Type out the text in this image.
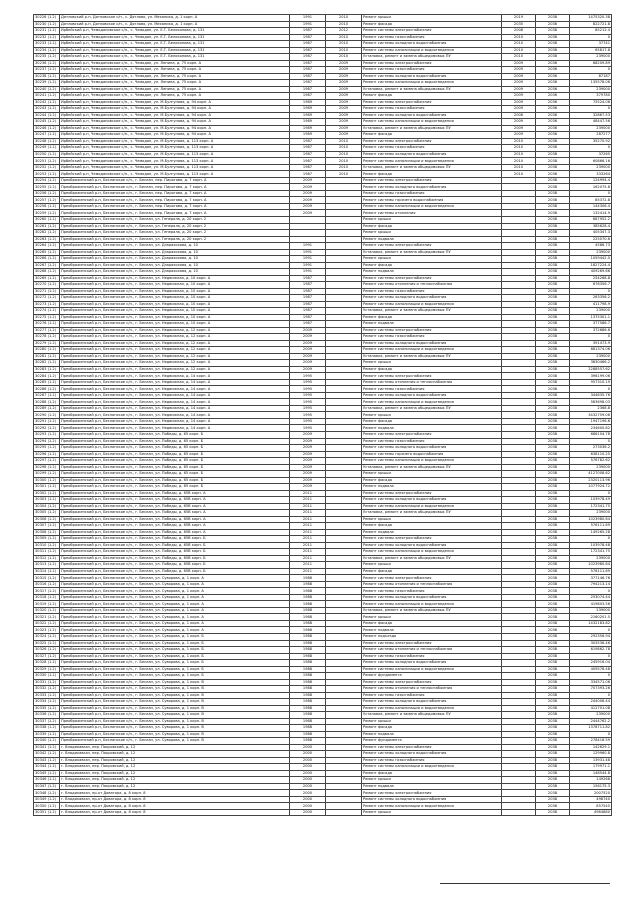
30226 (1.2)	Дятловский р-н, Дятловское с/п., с. Дятлово, ул. Механика, д. 1 корп. А	1991	2010	Ремонт крыши	2019	2038	1475320.38
30230 (1.2)	Дятловский р-н, Дятловское с/п., с. Дятлово, ул. Механика, д. 1 корп. А	1991	2010	Ремонт фасада	2035	2036	822721.8
30231 (1.2)	Ирбейский р-н, Чемодановское с/п., с. Чемодан, ул. Е.Т. Белоконова, д. 131	1987	2012	Ремонт системы электроснабжения	2008	2038	85212.4
30232 (1.2)	Ирбейский р-н, Чемодановское с/п., с. Чемодан, ул. Е.Т. Белоконова, д. 131	1987	2010	Ремонт системы газоснабжения	2010	2038	0
30233 (1.2)	Ирбейский р-н, Чемодановское с/п., с. Чемодан, ул. Е.Т. Белоконова, д. 131	1987	2010	Ремонт системы холодного водоснабжения	2010	2038	37741
30234 (1.2)	Ирбейский р-н, Чемодановское с/п., с. Чемодан, ул. Е.Т. Белоконова, д. 131	1987	2010	Ремонт системы канализации и водоотведения	2010	2038	65817.8
30235 (1.2)	Ирбейский р-н, Чемодановское с/п., с. Чемодан, ул. Е.Т. Белоконова, д. 131	1987	2010	Установка, ремонт и замена общедомовых ПУ	2010	2038	239000
30236 (1.2)	Ирбейский р-н, Чемодановское с/п., с. Чемодан, ул. Ленина, д. 75 корп. А	1987	2009	Ремонт системы электроснабжения	2009	2036	68209.89
30237 (1.2)	Ирбейский р-н, Чемодановское с/п., с. Чемодан, ул. Ленина, д. 75 корп. А	1987	2009	Ремонт системы газоснабжения	2009	2036	0
30238 (1.2)	Ирбейский р-н, Чемодановское с/п., с. Чемодан, ул. Ленина, д. 75 корп. А	1987	2009	Ремонт системы холодного водоснабжения	2009	2036	87187
30239 (1.2)	Ирбейский р-н, Чемодановское с/п., с. Чемодан, ул. Ленина, д. 75 корп. А	1987	2009	Ремонт системы канализации и водоотведения	2009	2036	135578.06
30240 (1.2)	Ирбейский р-н, Чемодановское с/п., с. Чемодан, ул. Ленина, д. 75 корп. А	1987	2009	Установка, ремонт и замена общедомовых ПУ	2009	2036	239000
30241 (1.2)	Ирбейский р-н, Чемодановское с/п., с. Чемодан, ул. Ленина, д. 75 корп. А	1987	2009	Ремонт фасада	2009	2036	379780
30242 (1.2)	Ирбейский р-н, Чемодановское с/п., с. Чемодан, ул. М.Булгунова, д. 94 корп. А	1989	2009	Ремонт системы электроснабжения	2009	2036	75524.06
30243 (1.2)	Ирбейский р-н, Чемодановское с/п., с. Чемодан, ул. М.Булгунова, д. 94 корп. А	1989	2009	Ремонт системы газоснабжения	2009	2036	0
30244 (1.2)	Ирбейский р-н, Чемодановское с/п., с. Чемодан, ул. М.Булгунова, д. 94 корп. А	1989	2009	Ремонт системы холодного водоснабжения	2008	2036	32867.53
30245 (1.2)	Ирбейский р-н, Чемодановское с/п., с. Чемодан, ул. М.Булгунова, д. 94 корп. А	1989	2009	Ремонт системы канализации и водоотведения	2009	2036	48447.56
30246 (1.2)	Ирбейский р-н, Чемодановское с/п., с. Чемодан, ул. М.Булгунова, д. 94 корп. А	1989	2009	Установка, ремонт и замена общедомовых ПУ	2009	2036	239000
30247 (1.2)	Ирбейский р-н, Чемодановское с/п., с. Чемодан, ул. М.Булгунова, д. 94 корп. А	1989	2009	Ремонт фасада	2009	2036	287277
30248 (1.2)	Ирбейский р-н, Чемодановское с/п., с. Чемодан, ул. М.Булгунова, д. 113 корп. А	1987	2010	Ремонт системы электроснабжения	2010	2038	35270.92
30249 (1.2)	Ирбейский р-н, Чемодановское с/п., с. Чемодан, ул. М.Булгунова, д. 113 корп. А	1987	2010	Ремонт системы газоснабжения	2010	2038	0
30250 (1.2)	Ирбейский р-н, Чемодановское с/п., с. Чемодан, ул. М.Булгунова, д. 113 корп. А	1987	2010	Ремонт системы холодного водоснабжения	2010	2038	37265
30251 (1.2)	Ирбейский р-н, Чемодановское с/п., с. Чемодан, ул. М.Булгунова, д. 113 корп. А	1987	2010	Ремонт системы канализации и водоотведения	2010	2038	60866.16
30252 (1.2)	Ирбейский р-н, Чемодановское с/п., с. Чемодан, ул. М.Булгунова, д. 113 корп. А	1987	2010	Установка, ремонт и замена общедомовых ПУ	2010	2038	239000
30253 (1.2)	Ирбейский р-н, Чемодановское с/п., с. Чемодан, ул. М.Булгунова, д. 113 корп. А	1987	2010	Ремонт фасада	2010	2038	333264
30254 (1.2)	Преображенский р-н, Бесланское с/п., г. Беслан, пер. Пирогова, д. 7 корп. А	2009		Ремонт системы электроснабжения		2038	124994.4
30255 (1.2)	Преображенский р-н, Бесланское с/п., г. Беслан, пер. Пирогова, д. 7 корп. А	2009		Ремонт системы холодного водоснабжения		2038	162075.8
30256 (1.2)	Преображенский р-н, Бесланское с/п., г. Беслан, пер. Пирогова, д. 7 корп. А	2009		Ремонт системы газоснабжения		2038	0
30257 (1.2)	Преображенский р-н, Бесланское с/п., г. Беслан, пер. Пирогова, д. 7 корп. А	2009		Ремонт системы горячего водоснабжения		2038	85372.8
30258 (1.2)	Преображенский р-н, Бесланское с/п., г. Беслан, пер. Пирогова, д. 7 корп. А	2009		Ремонт системы канализации и водоотведения		2038	144306.4
30259 (1.2)	Преображенский р-н, Бесланское с/п., г. Беслан, пер. Пирогова, д. 7 корп. А	2009		Ремонт системы отопления		2038	132414.9
30260 (1.2)	Преображенский р-н, Бесланское с/п., г. Беслан, ул. Генерала, д. 20 корп. 2			Ремонт крыши		2038	687952.2
30261 (1.2)	Преображенский р-н, Бесланское с/п., г. Беслан, ул. Генерала, д. 20 корп. 2			Ремонт фасада		2038	385628.4
30262 (1.2)	Преображенский р-н, Бесланское с/п., г. Беслан, ул. Генерала, д. 20 корп. 2			Ремонт крыши		2038	405347.3
30263 (1.2)	Преображенский р-н, Бесланское с/п., г. Беслан, ул. Генерала, д. 20 корп. 2			Ремонт подвала		2038	225070.6
30264 (1.2)	Преображенский р-н, Бесланское с/п., г. Беслан, ул. Дзарахохова, д. 10	1991		Ремонт системы электроснабжения		2038	4586.73
30265 (1.2)	Преображенский р-н, Бесланское с/п., г. Беслан, ул. Дзарахохова, д. 10	1991		Установка, ремонт и замена общедомовых ПУ		2038	239000
30266 (1.2)	Преображенский р-н, Бесланское с/п., г. Беслан, ул. Дзарахохова, д. 10	1991		Ремонт крыши		2038	1059442.5
30267 (1.2)	Преображенский р-н, Бесланское с/п., г. Беслан, ул. Дзарахохова, д. 10	1991		Ремонт фасада		2038	1827224.4
30268 (1.2)	Преображенский р-н, Бесланское с/п., г. Беслан, ул. Дзарахохова, д. 10	1991		Ремонт подвала		2038	409269.66
30269 (1.2)	Преображенский р-н, Бесланское с/п., г. Беслан, ул. Недвижная, д. 10 корп. А	1987		Ремонт системы электроснабжения		2038	254268.8
30270 (1.2)	Преображенский р-н, Бесланское с/п., г. Беслан, ул. Недвижная, д. 10 корп. А	1987		Ремонт системы отопления и теплоснабжения		2038	676356.7
30271 (1.2)	Преображенский р-н, Бесланское с/п., г. Беслан, ул. Недвижная, д. 10 корп. А	1987		Ремонт системы газоснабжения		2038	0
30272 (1.2)	Преображенский р-н, Бесланское с/п., г. Беслан, ул. Недвижная, д. 10 корп. А	1987		Ремонт системы холодного водоснабжения		2038	263356.2
30273 (1.2)	Преображенский р-н, Бесланское с/п., г. Беслан, ул. Недвижная, д. 10 корп. А	1987		Ремонт системы канализации и водоотведения		2038	411798.9
30274 (1.2)	Преображенский р-н, Бесланское с/п., г. Беслан, ул. Недвижная, д. 10 корп. А	1987		Установка, ремонт и замена общедомовых ПУ		2038	239000
30275 (1.2)	Преображенский р-н, Бесланское с/п., г. Беслан, ул. Недвижная, д. 10 корп. А	1987		Ремонт фасада		2038	1375301.1
30276 (1.2)	Преображенский р-н, Бесланское с/п., г. Беслан, ул. Недвижная, д. 10 корп. А	1987		Ремонт подвала		2038	377586.7
30277 (1.2)	Преображенский р-н, Бесланское с/п., г. Беслан, ул. Недвижная, д. 12 корп. А	2009		Ремонт системы электроснабжения		2038	372686.6
30278 (1.2)	Преображенский р-н, Бесланское с/п., г. Беслан, ул. Недвижная, д. 12 корп. А	2009		Ремонт системы газоснабжения		2038	0
30279 (1.2)	Преображенский р-н, Бесланское с/п., г. Беслан, ул. Недвижная, д. 12 корп. А	2009		Ремонт системы холодного водоснабжения		2038	391473.9
30280 (1.2)	Преображенский р-н, Бесланское с/п., г. Беслан, ул. Недвижная, д. 12 корп. А	2009		Ремонт системы канализации и водоотведения		2038	681374.06
30281 (1.2)	Преображенский р-н, Бесланское с/п., г. Беслан, ул. Недвижная, д. 12 корп. А	2009		Установка, ремонт и замена общедомовых ПУ		2038	239000
30282 (1.2)	Преображенский р-н, Бесланское с/п., г. Беслан, ул. Недвижная, д. 12 корп. А	2009		Ремонт крыши		2038	3830466.2
30283 (1.2)	Преображенский р-н, Бесланское с/п., г. Беслан, ул. Недвижная, д. 12 корп. А	2009		Ремонт фасада		2038	2288557.62
30284 (1.2)	Преображенский р-н, Бесланское с/п., г. Беслан, ул. Недвижная, д. 14 корп. А	1995		Ремонт системы электроснабжения		2038	396199.06
30285 (1.2)	Преображенский р-н, Бесланское с/п., г. Беслан, ул. Недвижная, д. 14 корп. А	1995		Ремонт системы отопления и теплоснабжения		2038	957310.19
30286 (1.2)	Преображенский р-н, Бесланское с/п., г. Беслан, ул. Недвижная, д. 14 корп. А	1995		Ремонт системы газоснабжения		2038	0
30287 (1.2)	Преображенский р-н, Бесланское с/п., г. Беслан, ул. Недвижная, д. 14 корп. А	1995		Ремонт системы холодного водоснабжения		2038	344835.76
30288 (1.2)	Преображенский р-н, Бесланское с/п., г. Беслан, ул. Недвижная, д. 14 корп. А	1995		Ремонт системы канализации и водоотведения		2038	583698.03
30289 (1.2)	Преображенский р-н, Бесланское с/п., г. Беслан, ул. Недвижная, д. 14 корп. А	1995		Установка, ремонт и замена общедомовых ПУ		2038	2368.8
30290 (1.2)	Преображенский р-н, Бесланское с/п., г. Беслан, ул. Недвижная, д. 14 корп. А	1995		Ремонт крыши		2038	3432759.06
30291 (1.2)	Преображенский р-н, Бесланское с/п., г. Беслан, ул. Недвижная, д. 14 корп. А	1995		Ремонт фасада		2038	1947196.6
30292 (1.2)	Преображенский р-н, Бесланское с/п., г. Беслан, ул. Недвижная, д. 14 корп. А	1995		Ремонт подвала		2038	234600.82
30293 (1.2)	Преображенский р-н, Бесланское с/п., г. Беслан, ул. Победы, д. 65 корп. Б	2009		Ремонт системы электроснабжения		2038	686104.78
30294 (1.2)	Преображенский р-н, Бесланское с/п., г. Беслан, ул. Победы, д. 65 корп. Б	2009		Ремонт системы газоснабжения		2038	0
30295 (1.2)	Преображенский р-н, Бесланское с/п., г. Беслан, ул. Победы, д. 65 корп. Б	2009		Ремонт системы холодного водоснабжения		2038	273036.2
30296 (1.2)	Преображенский р-н, Бесланское с/п., г. Беслан, ул. Победы, д. 65 корп. Б	2009		Ремонт системы горячего водоснабжения		2038	638110.25
30297 (1.2)	Преображенский р-н, Бесланское с/п., г. Беслан, ул. Победы, д. 65 корп. Б	2009		Ремонт системы канализации и водоотведения		2038	576782.62
30298 (1.2)	Преображенский р-н, Бесланское с/п., г. Беслан, ул. Победы, д. 65 корп. Б	2009		Установка, ремонт и замена общедомовых ПУ		2038	239000
30299 (1.2)	Преображенский р-н, Бесланское с/п., г. Беслан, ул. Победы, д. 65 корп. Б	2009		Ремонт крыши		2038	4127008.62
30300 (1.2)	Преображенский р-н, Бесланское с/п., г. Беслан, ул. Победы, д. 65 корп. Б	2009		Ремонт фасада		2038	2320113.96
30301 (1.2)	Преображенский р-н, Бесланское с/п., г. Беслан, ул. Победы, д. 65 корп. Б	2009		Ремонт подвала		2038	1077924.72
30302 (1.2)	Преображенский р-н, Бесланское с/п., г. Беслан, ул. Победы, д. 65В корп. А	2011		Ремонт системы электроснабжения		2038	0
30303 (1.2)	Преображенский р-н, Бесланское с/п., г. Беслан, ул. Победы, д. 65В корп. А	2011		Ремонт системы холодного водоснабжения		2038	103978.49
30304 (1.2)	Преображенский р-н, Бесланское с/п., г. Беслан, ул. Победы, д. 65В корп. А	2011		Ремонт системы канализации и водоотведения		2038	172341.75
30305 (1.2)	Преображенский р-н, Бесланское с/п., г. Беслан, ул. Победы, д. 65В корп. А	2011		Установка, ремонт и замена общедомовых ПУ		2038	239000
30306 (1.2)	Преображенский р-н, Бесланское с/п., г. Беслан, ул. Победы, д. 65В корп. А	2011		Ремонт крыши		2038	1023980.64
30307 (1.2)	Преображенский р-н, Бесланское с/п., г. Беслан, ул. Победы, д. 65В корп. А	2011		Ремонт фасада		2038	576111.69
30308 (1.2)	Преображенский р-н, Бесланское с/п., г. Беслан, ул. Победы, д. 65В корп. А	2011		Ремонт подвала		2038	149265.28
30309 (1.2)	Преображенский р-н, Бесланское с/п., г. Беслан, ул. Победы, д. 65В корп. Б	2011		Ремонт системы электроснабжения		2038	0
30310 (1.2)	Преображенский р-н, Бесланское с/п., г. Беслан, ул. Победы, д. 65В корп. Б	2011		Ремонт системы холодного водоснабжения		2038	103978.48
30311 (1.2)	Преображенский р-н, Бесланское с/п., г. Беслан, ул. Победы, д. 65В корп. Б	2011		Ремонт системы канализации и водоотведения		2038	172341.75
30312 (1.2)	Преображенский р-н, Бесланское с/п., г. Беслан, ул. Победы, д. 65В корп. Б	2011		Установка, ремонт и замена общедомовых ПУ		2038	239000
30313 (1.2)	Преображенский р-н, Бесланское с/п., г. Беслан, ул. Победы, д. 65В корп. Б	2011		Ремонт крыши		2038	1023980.64
30314 (1.2)	Преображенский р-н, Бесланское с/п., г. Беслан, ул. Победы, д. 65В корп. Б	2011		Ремонт фасада		2038	576111.69
30315 (1.2)	Преображенский р-н, Бесланское с/п., г. Беслан, ул. Суворова, д. 1 корп. А	1988		Ремонт системы электроснабжения		2038	377146.76
30316 (1.2)	Преображенский р-н, Бесланское с/п., г. Беслан, ул. Суворова, д. 1 корп. А	1988		Ремонт системы отопления и теплоснабжения		2038	794213.14
30317 (1.2)	Преображенский р-н, Бесланское с/п., г. Беслан, ул. Суворова, д. 1 корп. А	1988		Ремонт системы газоснабжения		2038	0
30318 (1.2)	Преображенский р-н, Бесланское с/п., г. Беслан, ул. Суворова, д. 1 корп. А	1988		Ремонт системы холодного водоснабжения		2038	253074.44
30319 (1.2)	Преображенский р-н, Бесланское с/п., г. Беслан, ул. Суворова, д. 1 корп. А	1988		Ремонт системы канализации и водоотведения		2038	419803.56
30320 (1.2)	Преображенский р-н, Бесланское с/п., г. Беслан, ул. Суворова, д. 1 корп. А	1988		Установка, ремонт и замена общедомовых ПУ		2038	239000
30321 (1.2)	Преображенский р-н, Бесланское с/п., г. Беслан, ул. Суворова, д. 1 корп. А	1988		Ремонт крыши		2038	2160201.5
30322 (1.2)	Преображенский р-н, Бесланское с/п., г. Беслан, ул. Суворова, д. 1 корп. А	1988		Ремонт фасада		2038	1432183.82
30323 (1.2)	Преображенский р-н, Бесланское с/п., г. Беслан, ул. Суворова, д. 1 корп. А	1988		Ремонт подвала		2038	0
30324 (1.2)	Преображенский р-н, Бесланское с/п., г. Беслан, ул. Суворова, д. 1 корп. Б	1988		Ремонт подъезда		2038	292356.94
30325 (1.2)	Преображенский р-н, Бесланское с/п., г. Беслан, ул. Суворова, д. 1 корп. Б	1988		Ремонт системы электроснабжения		2038	303536.46
30326 (1.2)	Преображенский р-н, Бесланское с/п., г. Беслан, ул. Суворова, д. 1 корп. Б	1988		Ремонт системы отопления и теплоснабжения		2038	619862.78
30327 (1.2)	Преображенский р-н, Бесланское с/п., г. Беслан, ул. Суворова, д. 1 корп. Б	1988		Ремонт системы газоснабжения		2038	0
30328 (1.2)	Преображенский р-н, Бесланское с/п., г. Беслан, ул. Суворова, д. 1 корп. Б	1988		Ремонт системы холодного водоснабжения		2038	245916.04
30329 (1.2)	Преображенский р-н, Бесланское с/п., г. Беслан, ул. Суворова, д. 1 корп. Б	1988		Ремонт системы канализации и водоотведения		2038	409578.48
30330 (1.2)	Преображенский р-н, Бесланское с/п., г. Беслан, ул. Суворова, д. 1 корп. Б	1988		Ремонт фундамента		2038	0
30331 (1.2)	Преображенский р-н, Бесланское с/п., г. Беслан, ул. Суворова, д. 1 корп. В	1988		Ремонт системы электроснабжения		2038	334571.06
30332 (1.2)	Преображенский р-н, Бесланское с/п., г. Беслан, ул. Суворова, д. 1 корп. В	1988		Ремонт системы отопления и теплоснабжения		2038	707393.26
30333 (1.2)	Преображенский р-н, Бесланское с/п., г. Беслан, ул. Суворова, д. 1 корп. В	1988		Ремонт системы газоснабжения		2038	0
30334 (1.2)	Преображенский р-н, Бесланское с/п., г. Беслан, ул. Суворова, д. 1 корп. В	1988		Ремонт системы холодного водоснабжения		2038	244006.44
30335 (1.2)	Преображенский р-н, Бесланское с/п., г. Беслан, ул. Суворова, д. 1 корп. В	1988		Ремонт системы канализации и водоотведения		2038	412701.08
30336 (1.2)	Преображенский р-н, Бесланское с/п., г. Беслан, ул. Суворова, д. 1 корп. В	1988		Установка, ремонт и замена общедомовых ПУ		2038	239000
30337 (1.2)	Преображенский р-н, Бесланское с/п., г. Беслан, ул. Суворова, д. 1 корп. В	1988		Ремонт крыши		2038	2444762.2
30338 (1.2)	Преображенский р-н, Бесланское с/п., г. Беслан, ул. Суворова, д. 1 корп. В	1988		Ремонт фасада		2038	1378711.82
30339 (1.2)	Преображенский р-н, Бесланское с/п., г. Беслан, ул. Суворова, д. 1 корп. В	1988		Ремонт подвала		2038	0
30340 (1.2)	Преображенский р-н, Бесланское с/п., г. Беслан, ул. Суворова, д. 1 корп. В	1988		Ремонт фундамента		2038	278416.59
30341 (1.2)	г. Владикавказ, пер. Покровский, д. 12	2000		Ремонт системы электроснабжения		2038	142629.1
30342 (1.2)	г. Владикавказ, пер. Покровский, д. 12	2000		Ремонт системы холодного водоснабжения		2038	129960.8
30343 (1.2)	г. Владикавказ, пер. Покровский, д. 12	2000		Ремонт системы газоснабжения		2038	13931.48
30344 (1.2)	г. Владикавказ, пер. Покровский, д. 12	2000		Ремонт системы канализации и водоотведения		2038	179971.1
30345 (1.2)	г. Владикавказ, пер. Покровский, д. 12	2000		Ремонт фасада		2038	148544.8
30346 (1.2)	г. Владикавказ, пер. Покровский, д. 12	2000		Ремонт крыши		2038	149268
30347 (1.2)	г. Владикавказ, пер. Покровский, д. 12	2000		Ремонт подвала		2038	156175.3
30348 (1.2)	г. Владикавказ, пр-кт Доватора, д. 8 корп. 8	2000		Ремонт системы электроснабжения		2038	2007520
30349 (1.2)	г. Владикавказ, пр-кт Доватора, д. 8 корп. 8	2000		Ремонт системы холодного водоснабжения		2038	498740
30350 (1.2)	г. Владикавказ, пр-кт Доватора, д. 8 корп. 8	2000		Ремонт системы канализации и водоотведения		2038	857545
30351 (1.2)	г. Владикавказ, пр-кт Доватора, д. 8 корп. 8	2000		Ремонт крыши		2038	4984880
